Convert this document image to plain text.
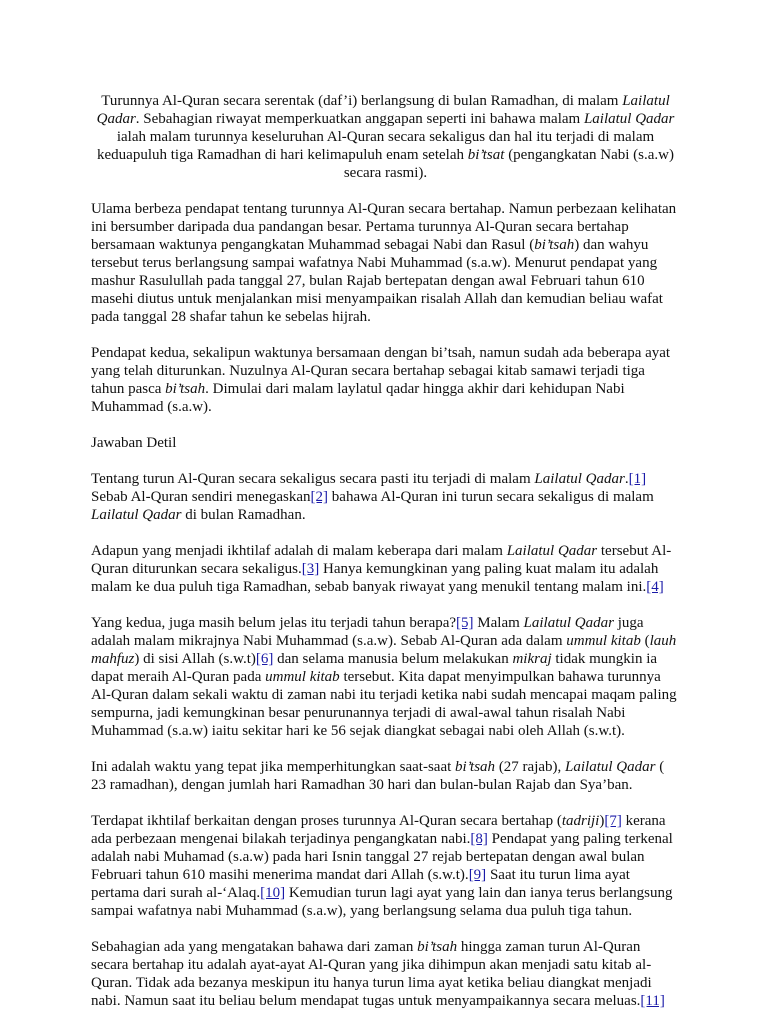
Turunnya Al-Quran secara serentak (daf’i) berlangsung di bulan Ramadhan, di malam Lailatul Qadar. Sebahagian riwayat memperkuatkan anggapan seperti ini bahawa malam Lailatul Qadar ialah malam turunnya keseluruhan Al-Quran secara sekaligus dan hal itu terjadi di malam keduapuluh tiga Ramadhan di hari kelimapuluh enam setelah bi’tsat (pengangkatan Nabi (s.a.w) secara rasmi).

Ulama berbeza pendapat tentang turunnya Al-Quran secara bertahap. Namun perbezaan kelihatan ini bersumber daripada dua pandangan besar. Pertama turunnya Al-Quran secara bertahap bersamaan waktunya pengangkatan Muhammad sebagai Nabi dan Rasul (bi’tsah) dan wahyu tersebut terus berlangsung sampai wafatnya Nabi Muhammad (s.a.w). Menurut pendapat yang mashur Rasulullah pada tanggal 27, bulan Rajab bertepatan dengan awal Februari tahun 610 masehi diutus untuk menjalankan misi menyampaikan risalah Allah dan kemudian beliau wafat pada tanggal 28 shafar tahun ke sebelas hijrah.

Pendapat kedua, sekalipun waktunya bersamaan dengan bi’tsah, namun sudah ada beberapa ayat yang telah diturunkan. Nuzulnya Al-Quran secara bertahap sebagai kitab samawi terjadi tiga tahun pasca bi’tsah. Dimulai dari malam laylatul qadar hingga akhir dari kehidupan Nabi Muhammad (s.a.w).

Jawaban Detil

Tentang turun Al-Quran secara sekaligus secara pasti itu terjadi di malam Lailatul Qadar.[1] Sebab Al-Quran sendiri menegaskan[2] bahawa Al-Quran ini turun secara sekaligus di malam Lailatul Qadar di bulan Ramadhan.

Adapun yang menjadi ikhtilaf adalah di malam keberapa dari malam Lailatul Qadar tersebut Al-Quran diturunkan secara sekaligus.[3] Hanya kemungkinan yang paling kuat malam itu adalah malam ke dua puluh tiga Ramadhan, sebab banyak riwayat yang menukil tentang malam ini.[4]

Yang kedua, juga masih belum jelas itu terjadi tahun berapa?[5] Malam Lailatul Qadar juga adalah malam mikrajnya Nabi Muhammad (s.a.w). Sebab Al-Quran ada dalam ummul kitab (lauh mahfuz) di sisi Allah (s.w.t)[6] dan selama manusia belum melakukan mikraj tidak mungkin ia dapat meraih Al-Quran pada ummul kitab tersebut. Kita dapat menyimpulkan bahawa turunnya Al-Quran dalam sekali waktu di zaman nabi itu terjadi ketika nabi sudah mencapai maqam paling sempurna, jadi kemungkinan besar penurunannya terjadi di awal-awal tahun risalah Nabi Muhammad (s.a.w) iaitu sekitar hari ke 56 sejak diangkat sebagai nabi oleh Allah (s.w.t).

Ini adalah waktu yang tepat jika memperhitungkan saat-saat bi’tsah (27 rajab), Lailatul Qadar ( 23 ramadhan), dengan jumlah hari Ramadhan 30 hari dan bulan-bulan Rajab dan Sya’ban.

Terdapat ikhtilaf berkaitan dengan proses turunnya Al-Quran secara bertahap (tadriji)[7] kerana ada perbezaan mengenai bilakah terjadinya pengangkatan nabi.[8] Pendapat yang paling terkenal adalah nabi Muhamad (s.a.w) pada hari Isnin tanggal 27 rejab bertepatan dengan awal bulan Februari tahun 610 masihi menerima mandat dari Allah (s.w.t).[9] Saat itu turun lima ayat pertama dari surah al-‘Alaq.[10] Kemudian turun lagi ayat yang lain dan ianya terus berlangsung sampai wafatnya nabi Muhammad (s.a.w), yang berlangsung selama dua puluh tiga tahun.

Sebahagian ada yang mengatakan bahawa dari zaman bi’tsah hingga zaman turun Al-Quran secara bertahap itu adalah ayat-ayat Al-Quran yang jika dihimpun akan menjadi satu kitab al-Quran. Tidak ada bezanya meskipun itu hanya turun lima ayat ketika beliau diangkat menjadi nabi. Namun saat itu beliau belum mendapat tugas untuk menyampaikannya secara meluas.[11]
